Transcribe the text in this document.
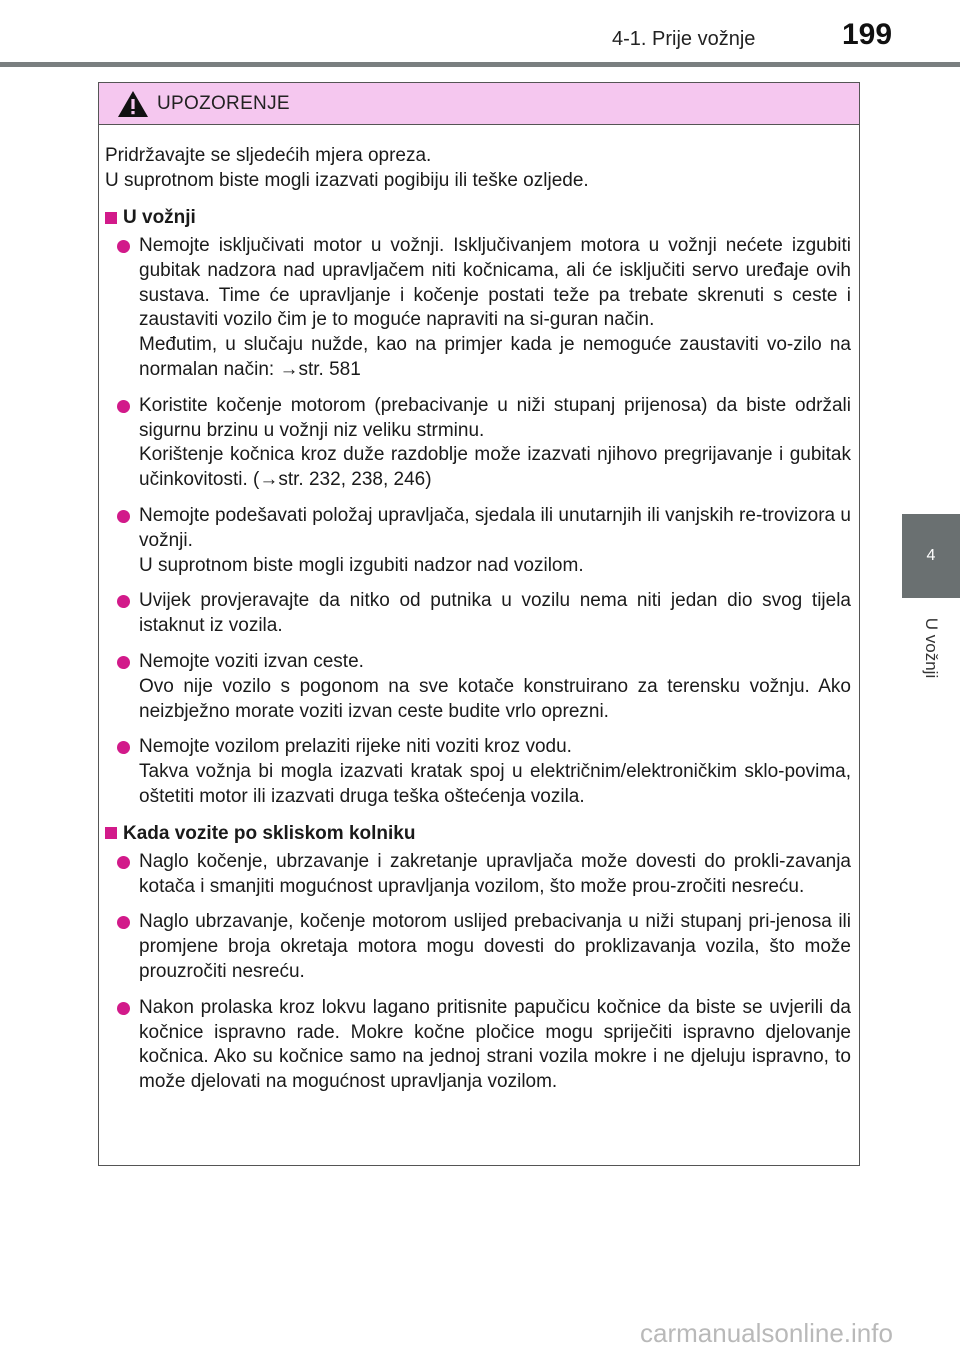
4-1. Prije vožnje	199
4
U vožnji
UPOZORENJE
Pridržavajte se sljedećih mjera opreza.
U suprotnom biste mogli izazvati pogibiju ili teške ozljede.
U vožnji

Nemojte isključivati motor u vožnji. Isključivanjem motora u vožnji nećete izgubiti gubitak nadzora nad upravljačem niti kočnicama, ali će isključiti servo uređaje ovih sustava. Time će upravljanje i kočenje postati teže pa trebate skrenuti s ceste i zaustaviti vozilo čim je to moguće napraviti na si-guran način.

Međutim, u slučaju nužde, kao na primjer kada je nemoguće zaustaviti vo-zilo na normalan način: →str. 581

Koristite kočenje motorom (prebacivanje u niži stupanj prijenosa) da biste održali sigurnu brzinu u vožnji niz veliku strminu.

Korištenje kočnica kroz duže razdoblje može izazvati njihovo pregrijavanje i gubitak učinkovitosti. (→str. 232, 238, 246)

Nemojte podešavati položaj upravljača, sjedala ili unutarnjih ili vanjskih re-trovizora u vožnji.

U suprotnom biste mogli izgubiti nadzor nad vozilom.

Uvijek provjeravajte da nitko od putnika u vozilu nema niti jedan dio svog tijela istaknut iz vozila.

Nemojte voziti izvan ceste.

Ovo nije vozilo s pogonom na sve kotače konstruirano za terensku vožnju. Ako neizbježno morate voziti izvan ceste budite vrlo oprezni.

Nemojte vozilom prelaziti rijeke niti voziti kroz vodu.

Takva vožnja bi mogla izazvati kratak spoj u električnim/elektroničkim sklo-povima, oštetiti motor ili izazvati druga teška oštećenja vozila.

Kada vozite po skliskom kolniku

Naglo kočenje, ubrzavanje i zakretanje upravljača može dovesti do prokli-zavanja kotača i smanjiti mogućnost upravljanja vozilom, što može prou-zročiti nesreću.

Naglo ubrzavanje, kočenje motorom uslijed prebacivanja u niži stupanj pri-jenosa ili promjene broja okretaja motora mogu dovesti do proklizavanja vozila, što može prouzročiti nesreću.

Nakon prolaska kroz lokvu lagano pritisnite papučicu kočnice da biste se uvjerili da kočnice ispravno rade. Mokre kočne pločice mogu spriječiti ispravno djelovanje kočnica. Ako su kočnice samo na jednoj strani vozila mokre i ne djeluju ispravno, to može djelovati na mogućnost upravljanja vozilom.

carmanualsonline.info
